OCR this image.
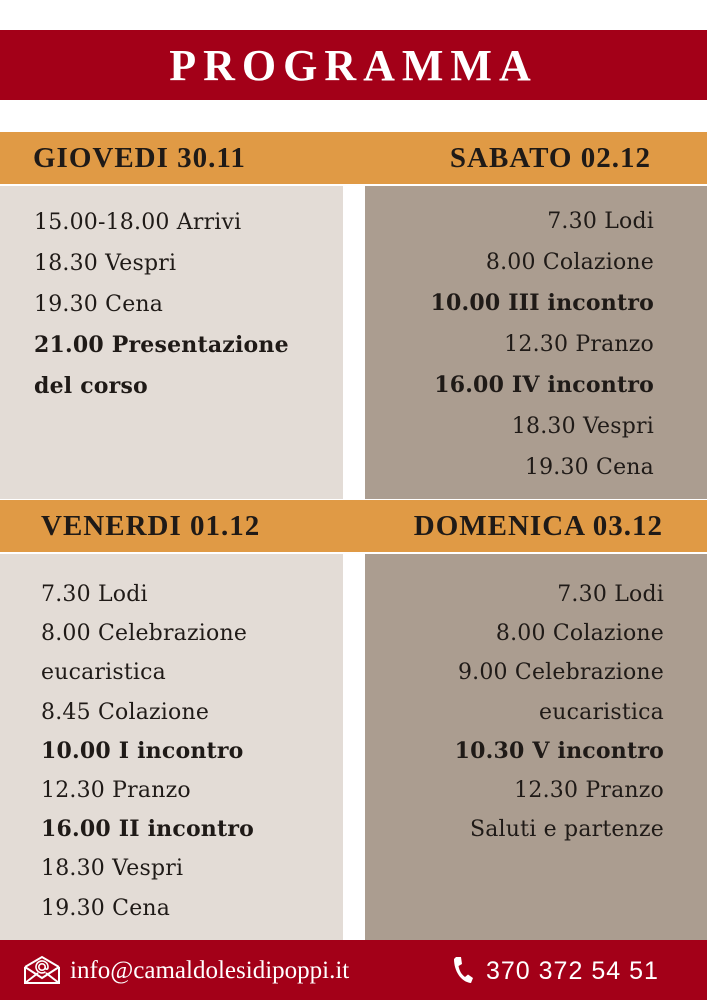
PROGRAMMA
GIOVEDI 30.11	SABATO 02.12
15.00-18.00 Arrivi
18.30 Vespri
19.30 Cena
21.00 Presentazione
del corso
7.30 Lodi
8.00 Colazione
10.00 III incontro
12.30 Pranzo
16.00 IV incontro
18.30 Vespri
19.30 Cena
VENERDI 01.12	DOMENICA 03.12
7.30 Lodi
8.00 Celebrazione
eucaristica
8.45 Colazione
10.00 I incontro
12.30 Pranzo
16.00 II incontro
18.30 Vespri
19.30 Cena
7.30 Lodi
8.00 Colazione
9.00 Celebrazione
eucaristica
10.30 V incontro
12.30 Pranzo
Saluti e partenze
info@camaldolesidipoppi.it	370 372 54 51
